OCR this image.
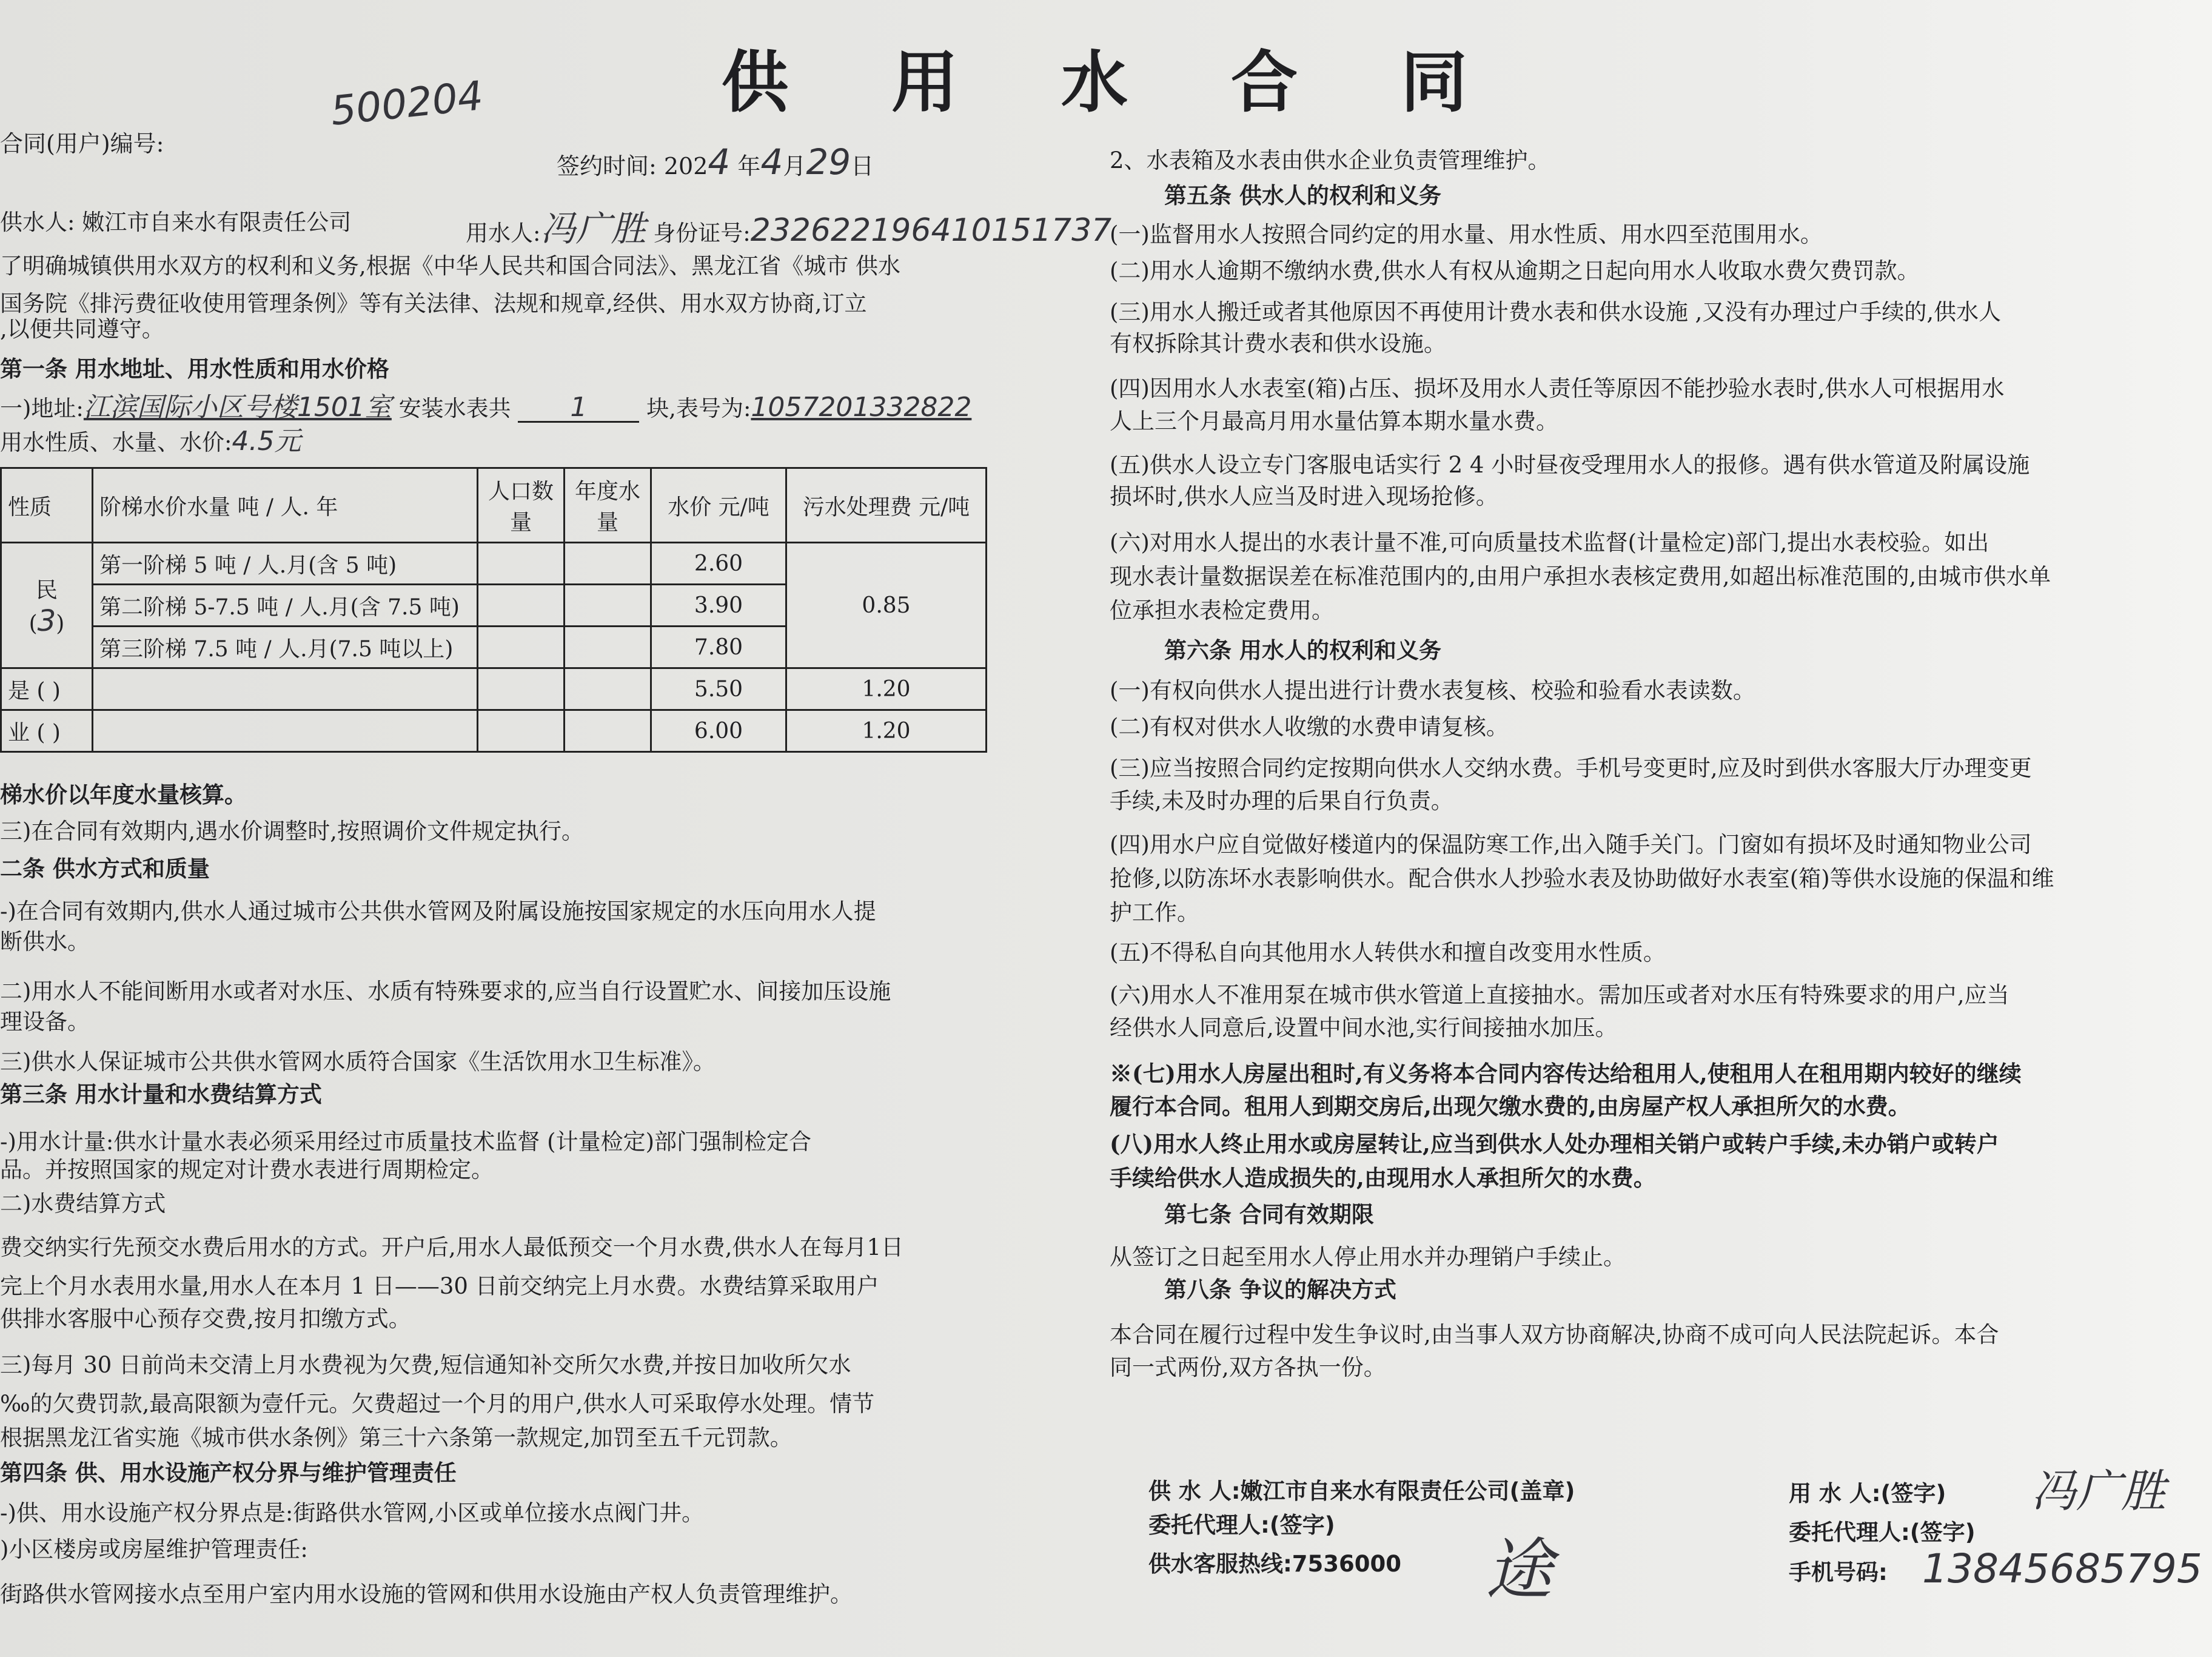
供用水合同
500204
合同(用户)编号:
签约时间: 2024 年4月29日
供水人: 嫩江市自来水有限责任公司	用水人:冯广胜 身份证号:232622196410151737
了明确城镇供用水双方的权利和义务,根据《中华人民共和国合同法》、黑龙江省《城市 供水
国务院《排污费征收使用管理条例》等有关法律、法规和规章,经供、用水双方协商,订立
,以便共同遵守。
第一条 用水地址、用水性质和用水价格
一)地址:江滨国际小区号楼1501室 安装水表共 1	块,表号为:1057201332822
用水性质、水量、水价:4.5元
性质	阶梯水价水量 吨 / 人. 年	人口数量	年度水量	水价 元/吨	污水处理费 元/吨

民
(3)	第一阶梯 5 吨 / 人.月(含 5 吨)			2.60	0.85
	第二阶梯 5-7.5 吨 / 人.月(含 7.5 吨)			3.90	
	第三阶梯 7.5 吨 / 人.月(7.5 吨以上)			7.80	
是 ( )				5.50	1.20
业 ( )				6.00	1.20
梯水价以年度水量核算。
三)在合同有效期内,遇水价调整时,按照调价文件规定执行。
二条 供水方式和质量
-)在合同有效期内,供水人通过城市公共供水管网及附属设施按国家规定的水压向用水人提
断供水。
二)用水人不能间断用水或者对水压、水质有特殊要求的,应当自行设置贮水、间接加压设施
理设备。
三)供水人保证城市公共供水管网水质符合国家《生活饮用水卫生标准》。
第三条 用水计量和水费结算方式
-)用水计量:供水计量水表必须采用经过市质量技术监督 (计量检定)部门强制检定合
品。并按照国家的规定对计费水表进行周期检定。
二)水费结算方式
费交纳实行先预交水费后用水的方式。开户后,用水人最低预交一个月水费,供水人在每月1日
完上个月水表用水量,用水人在本月 1 日——30 日前交纳完上月水费。水费结算采取用户
供排水客服中心预存交费,按月扣缴方式。
三)每月 30 日前尚未交清上月水费视为欠费,短信通知补交所欠水费,并按日加收所欠水
‰的欠费罚款,最高限额为壹仟元。欠费超过一个月的用户,供水人可采取停水处理。情节
根据黑龙江省实施《城市供水条例》第三十六条第一款规定,加罚至五千元罚款。
第四条 供、用水设施产权分界与维护管理责任
-)供、用水设施产权分界点是:街路供水管网,小区或单位接水点阀门井。
)小区楼房或房屋维护管理责任:
街路供水管网接水点至用户室内用水设施的管网和供用水设施由产权人负责管理维护。
2、水表箱及水表由供水企业负责管理维护。
第五条 供水人的权利和义务
(一)监督用水人按照合同约定的用水量、用水性质、用水四至范围用水。
(二)用水人逾期不缴纳水费,供水人有权从逾期之日起向用水人收取水费欠费罚款。
(三)用水人搬迁或者其他原因不再使用计费水表和供水设施 ,又没有办理过户手续的,供水人
有权拆除其计费水表和供水设施。
(四)因用水人水表室(箱)占压、损坏及用水人责任等原因不能抄验水表时,供水人可根据用水
人上三个月最高月用水量估算本期水量水费。
(五)供水人设立专门客服电话实行 2 4 小时昼夜受理用水人的报修。遇有供水管道及附属设施
损坏时,供水人应当及时进入现场抢修。
(六)对用水人提出的水表计量不准,可向质量技术监督(计量检定)部门,提出水表校验。如出
现水表计量数据误差在标准范围内的,由用户承担水表核定费用,如超出标准范围的,由城市供水单
位承担水表检定费用。
第六条 用水人的权利和义务
(一)有权向供水人提出进行计费水表复核、校验和验看水表读数。
(二)有权对供水人收缴的水费申请复核。
(三)应当按照合同约定按期向供水人交纳水费。手机号变更时,应及时到供水客服大厅办理变更
手续,未及时办理的后果自行负责。
(四)用水户应自觉做好楼道内的保温防寒工作,出入随手关门。门窗如有损坏及时通知物业公司
抢修,以防冻坏水表影响供水。配合供水人抄验水表及协助做好水表室(箱)等供水设施的保温和维
护工作。
(五)不得私自向其他用水人转供水和擅自改变用水性质。
(六)用水人不准用泵在城市供水管道上直接抽水。需加压或者对水压有特殊要求的用户,应当
经供水人同意后,设置中间水池,实行间接抽水加压。
※(七)用水人房屋出租时,有义务将本合同内容传达给租用人,使租用人在租用期内较好的继续
履行本合同。租用人到期交房后,出现欠缴水费的,由房屋产权人承担所欠的水费。
(八)用水人终止用水或房屋转让,应当到供水人处办理相关销户或转户手续,未办销户或转户
手续给供水人造成损失的,由现用水人承担所欠的水费。
第七条 合同有效期限
从签订之日起至用水人停止用水并办理销户手续止。
第八条 争议的解决方式
本合同在履行过程中发生争议时,由当事人双方协商解决,协商不成可向人民法院起诉。本合
同一式两份,双方各执一份。
供 水 人:嫩江市自来水有限责任公司(盖章)
委托代理人:(签字)
供水客服热线:7536000 途
用 水 人:(签字) 冯广胜
委托代理人:(签字)
手机号码: 13845685795
